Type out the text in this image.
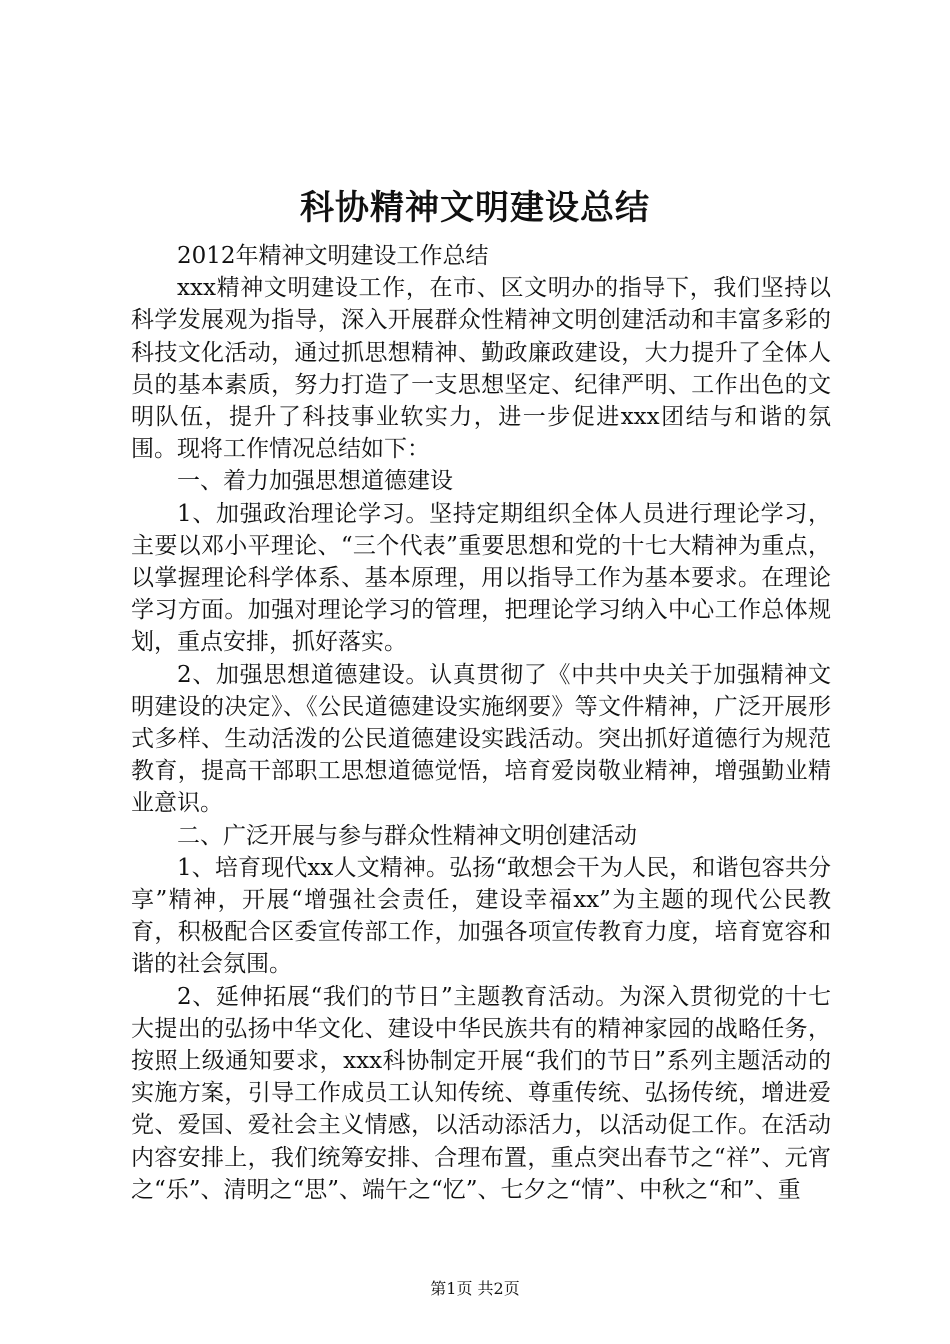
科协精神文明建设总结

2012年精神文明建设工作总结

xxx精神文明建设工作，在市、区文明办的指导下，我们坚持以科学发展观为指导，深入开展群众性精神文明创建活动和丰富多彩的科技文化活动，通过抓思想精神、勤政廉政建设，大力提升了全体人员的基本素质，努力打造了一支思想坚定、纪律严明、工作出色的文明队伍，提升了科技事业软实力，进一步促进xxx团结与和谐的氛围。现将工作情况总结如下：

一、着力加强思想道德建设

1、加强政治理论学习。坚持定期组织全体人员进行理论学习，主要以邓小平理论、“三个代表”重要思想和党的十七大精神为重点，以掌握理论科学体系、基本原理，用以指导工作为基本要求。在理论学习方面。加强对理论学习的管理，把理论学习纳入中心工作总体规划，重点安排，抓好落实。

2、加强思想道德建设。认真贯彻了《中共中央关于加强精神文明建设的决定》、《公民道德建设实施纲要》等文件精神，广泛开展形式多样、生动活泼的公民道德建设实践活动。突出抓好道德行为规范教育，提高干部职工思想道德觉悟，培育爱岗敬业精神，增强勤业精业意识。

二、广泛开展与参与群众性精神文明创建活动

1、培育现代xx人文精神。弘扬“敢想会干为人民，和谐包容共分享”精神，开展“增强社会责任，建设幸福xx”为主题的现代公民教育，积极配合区委宣传部工作，加强各项宣传教育力度，培育宽容和谐的社会氛围。

2、延伸拓展“我们的节日”主题教育活动。为深入贯彻党的十七大提出的弘扬中华文化、建设中华民族共有的精神家园的战略任务，按照上级通知要求，xxx科协制定开展“我们的节日”系列主题活动的实施方案，引导工作成员工认知传统、尊重传统、弘扬传统，增进爱党、爱国、爱社会主义情感，以活动添活力，以活动促工作。在活动内容安排上，我们统筹安排、合理布置，重点突出春节之“祥”、元宵之“乐”、清明之“思”、端午之“忆”、七夕之“情”、中秋之“和”、重

第1页 共2页
